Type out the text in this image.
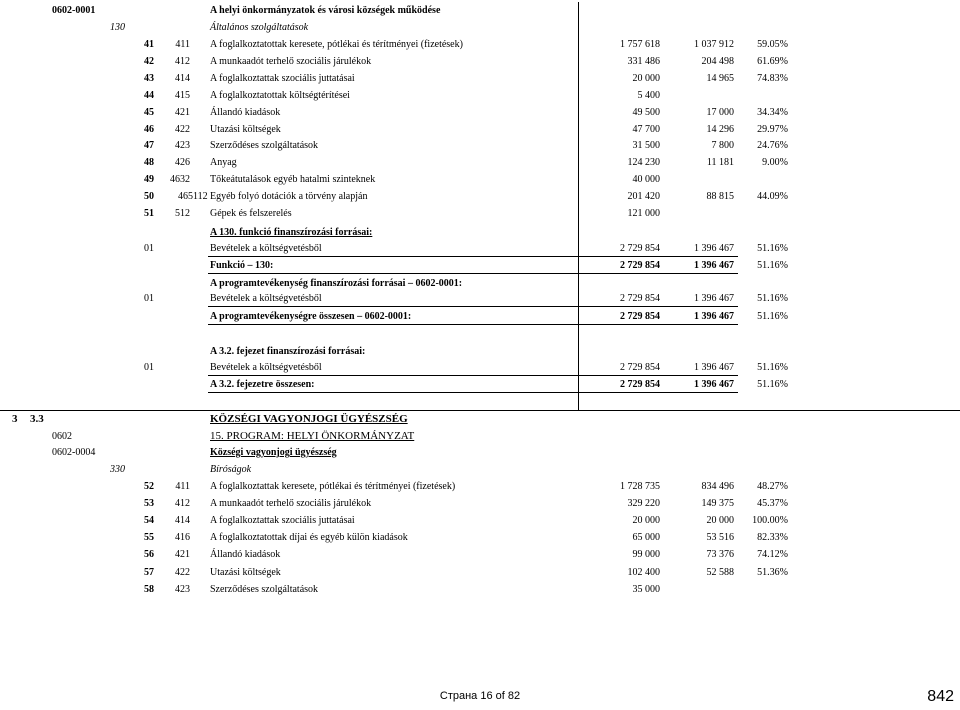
0602-0001	A helyi önkormányzatok és városi községek működése
130	Általános szolgáltatások
41	411 A foglalkoztatottak keresete, pótlékai és térítményei (fizetések)	1 757 618	1 037 912	59.05%
42	412 A munkaadót terhelő szociális járulékok	331 486	204 498	61.69%
43	414 A foglalkoztattak szociális juttatásai	20 000	14 965	74.83%
44	415 A foglalkoztatottak költségtérítései	5 400
45	421 Állandó kiadások	49 500	17 000	34.34%
46	422 Utazási költségek	47 700	14 296	29.97%
47	423 Szerződéses szolgáltatások	31 500	7 800	24.76%
48	426 Anyag	124 230	11 181	9.00%
49	4632 Tőkeátutalások egyéb hatalmi szinteknek	40 000
50 465112 Egyéb folyó dotációk a törvény alapján	201 420	88 815	44.09%
51	512 Gépek és felszerelés	121 000
A 130. funkció finanszírozási forrásai:
01	Bevételek a költségvetésből	2 729 854	1 396 467	51.16%
Funkció – 130:	2 729 854	1 396 467	51.16%
A programtevékenység finanszírozási forrásai – 0602-0001:
01	Bevételek a költségvetésből	2 729 854	1 396 467	51.16%
A programtevékenységre összesen – 0602-0001:	2 729 854	1 396 467	51.16%
A 3.2. fejezet finanszírozási forrásai:
01	Bevételek a költségvetésből	2 729 854	1 396 467	51.16%
A 3.2. fejezetre összesen:	2 729 854	1 396 467	51.16%
3 3.3	KÖZSÉGI VAGYONJOGI ÜGYÉSZSÉG
0602	15. PROGRAM: HELYI ÖNKORMÁNYZAT
0602-0004	Községi vagyonjogi ügyészség
330	Bíróságok
52	411 A foglalkoztattak keresete, pótlékai és térítményei (fizetések)	1 728 735	834 496	48.27%
53	412 A munkaadót terhelő szociális járulékok	329 220	149 375	45.37%
54	414 A foglalkoztattak szociális juttatásai	20 000	20 000	100.00%
55	416 A foglalkoztatottak díjai és egyéb külön kiadások	65 000	53 516	82.33%
56	421 Állandó kiadások	99 000	73 376	74.12%
57	422 Utazási költségek	102 400	52 588	51.36%
58	423 Szerződéses szolgáltatások	35 000
Страна 16 of 82	842
